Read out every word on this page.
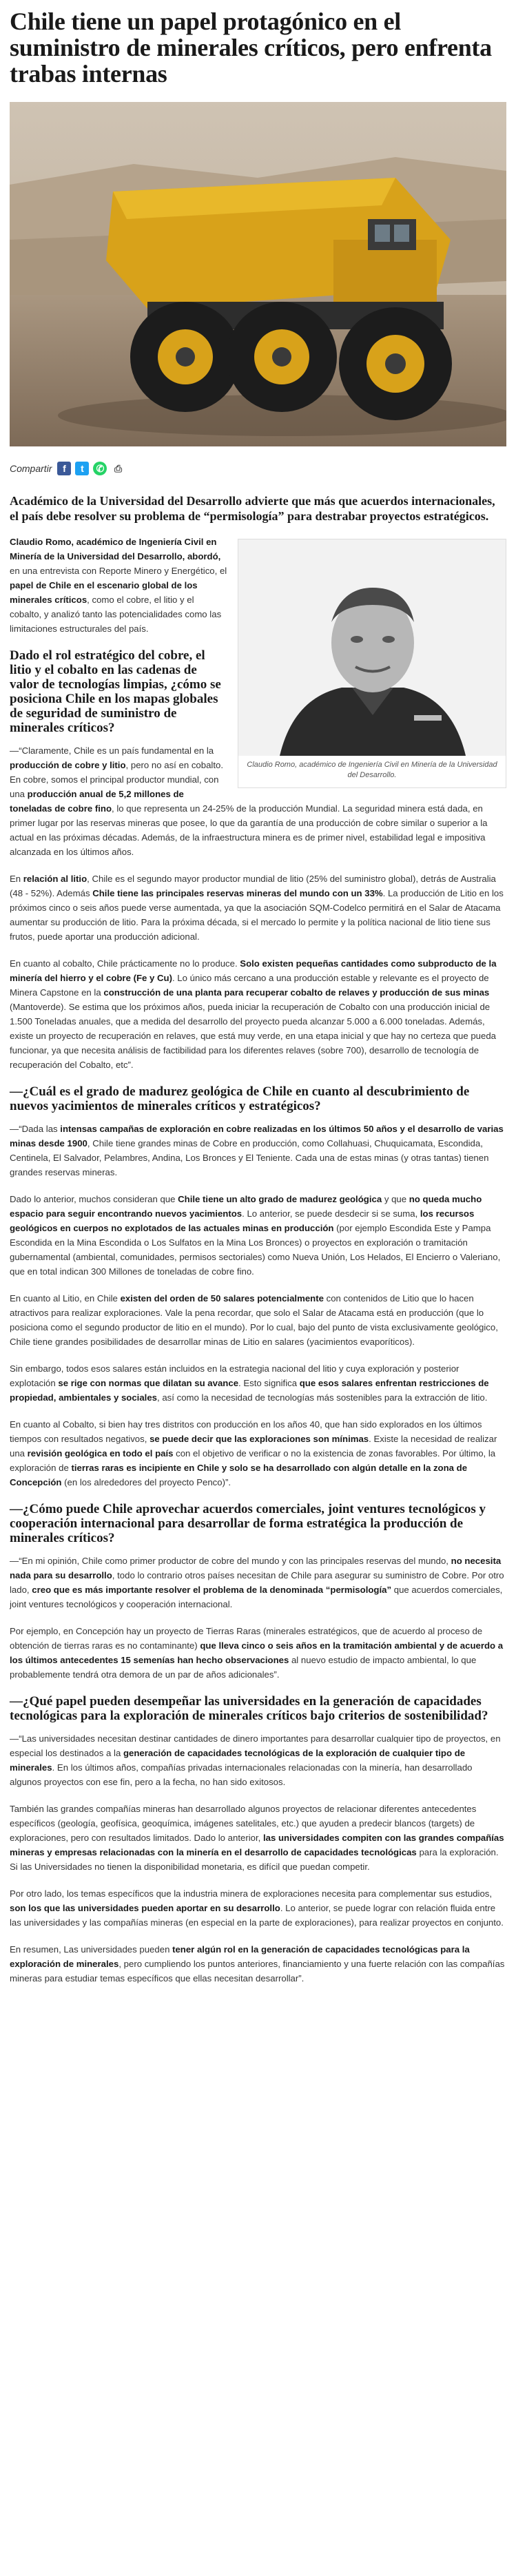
Chile tiene un papel protagónico en el suministro de minerales críticos, pero enfrenta trabas internas
Compartir	f	t	✆	⎙

Académico de la Universidad del Desarrollo advierte que más que acuerdos internacionales, el país debe resolver su problema de “permisología” para destrabar proyectos estratégicos.

Claudio Romo, académico de Ingeniería Civil en Minería de la Universidad del Desarrollo.

Claudio Romo, académico de Ingeniería Civil en Minería de la Universidad del Desarrollo, abordó, en una entrevista con Reporte Minero y Energético, el papel de Chile en el escenario global de los minerales críticos, como el cobre, el litio y el cobalto, y analizó tanto las potencialidades como las limitaciones estructurales del país.

Dado el rol estratégico del cobre, el litio y el cobalto en las cadenas de valor de tecnologías limpias, ¿cómo se posiciona Chile en los mapas globales de seguridad de suministro de minerales críticos?

—“Claramente, Chile es un país fundamental en la producción de cobre y litio, pero no así en cobalto. En cobre, somos el principal productor mundial, con una producción anual de 5,2 millones de toneladas de cobre fino, lo que representa un 24-25% de la producción Mundial. La seguridad minera está dada, en primer lugar por las reservas mineras que posee, lo que da garantía de una producción de cobre similar o superior a la actual en las próximas décadas. Además, de la infraestructura minera es de primer nivel, estabilidad legal e impositiva alcanzada en los últimos años.

En relación al litio, Chile es el segundo mayor productor mundial de litio (25% del suministro global), detrás de Australia (48 - 52%). Además Chile tiene las principales reservas mineras del mundo con un 33%. La producción de Litio en los próximos cinco o seis años puede verse aumentada, ya que la asociación SQM-Codelco permitirá en el Salar de Atacama aumentar su producción de litio. Para la próxima década, si el mercado lo permite y la política nacional de litio tiene sus frutos, puede aportar una producción adicional.

En cuanto al cobalto, Chile prácticamente no lo produce. Solo existen pequeñas cantidades como subproducto de la minería del hierro y el cobre (Fe y Cu). Lo único más cercano a una producción estable y relevante es el proyecto de Minera Capstone en la construcción de una planta para recuperar cobalto de relaves y producción de sus minas (Mantoverde). Se estima que los próximos años, pueda iniciar la recuperación de Cobalto con una producción inicial de 1.500 Toneladas anuales, que a medida del desarrollo del proyecto pueda alcanzar 5.000 a 6.000 toneladas. Además, existe un proyecto de recuperación en relaves, que está muy verde, en una etapa inicial y que hay no certeza que pueda funcionar, ya que necesita análisis de factibilidad para los diferentes relaves (sobre 700), desarrollo de tecnología de recuperación del Cobalto, etc”.

—¿Cuál es el grado de madurez geológica de Chile en cuanto al descubrimiento de nuevos yacimientos de minerales críticos y estratégicos?

—“Dada las intensas campañas de exploración en cobre realizadas en los últimos 50 años y el desarrollo de varias minas desde 1900, Chile tiene grandes minas de Cobre en producción, como Collahuasi, Chuquicamata, Escondida, Centinela, El Salvador, Pelambres, Andina, Los Bronces y El Teniente. Cada una de estas minas (y otras tantas) tienen grandes reservas mineras.

Dado lo anterior, muchos consideran que Chile tiene un alto grado de madurez geológica y que no queda mucho espacio para seguir encontrando nuevos yacimientos. Lo anterior, se puede desdecir si se suma, los recursos geológicos en cuerpos no explotados de las actuales minas en producción (por ejemplo Escondida Este y Pampa Escondida en la Mina Escondida o Los Sulfatos en la Mina Los Bronces) o proyectos en exploración o tramitación gubernamental (ambiental, comunidades, permisos sectoriales) como Nueva Unión, Los Helados, El Encierro o Valeriano, que en total indican 300 Millones de toneladas de cobre fino.

En cuanto al Litio, en Chile existen del orden de 50 salares potencialmente con contenidos de Litio que lo hacen atractivos para realizar exploraciones. Vale la pena recordar, que solo el Salar de Atacama está en producción (que lo posiciona como el segundo productor de litio en el mundo). Por lo cual, bajo del punto de vista exclusivamente geológico, Chile tiene grandes posibilidades de desarrollar minas de Litio en salares (yacimientos evaporíticos).

Sin embargo, todos esos salares están incluidos en la estrategia nacional del litio y cuya exploración y posterior explotación se rige con normas que dilatan su avance. Esto significa que esos salares enfrentan restricciones de propiedad, ambientales y sociales, así como la necesidad de tecnologías más sostenibles para la extracción de litio.

En cuanto al Cobalto, si bien hay tres distritos con producción en los años 40, que han sido explorados en los últimos tiempos con resultados negativos, se puede decir que las exploraciones son mínimas. Existe la necesidad de realizar una revisión geológica en todo el país con el objetivo de verificar o no la existencia de zonas favorables. Por último, la exploración de tierras raras es incipiente en Chile y solo se ha desarrollado con algún detalle en la zona de Concepción (en los alrededores del proyecto Penco)”.

—¿Cómo puede Chile aprovechar acuerdos comerciales, joint ventures tecnológicos y cooperación internacional para desarrollar de forma estratégica la producción de minerales críticos?

—“En mi opinión, Chile como primer productor de cobre del mundo y con las principales reservas del mundo, no necesita nada para su desarrollo, todo lo contrario otros países necesitan de Chile para asegurar su suministro de Cobre. Por otro lado, creo que es más importante resolver el problema de la denominada “permisología” que acuerdos comerciales, joint ventures tecnológicos y cooperación internacional.

Por ejemplo, en Concepción hay un proyecto de Tierras Raras (minerales estratégicos, que de acuerdo al proceso de obtención de tierras raras es no contaminante) que lleva cinco o seis años en la tramitación ambiental y de acuerdo a los últimos antecedentes 15 semenías han hecho observaciones al nuevo estudio de impacto ambiental, lo que probablemente tendrá otra demora de un par de años adicionales”.

—¿Qué papel pueden desempeñar las universidades en la generación de capacidades tecnológicas para la exploración de minerales críticos bajo criterios de sostenibilidad?

—“Las universidades necesitan destinar cantidades de dinero importantes para desarrollar cualquier tipo de proyectos, en especial los destinados a la generación de capacidades tecnológicas de la exploración de cualquier tipo de minerales. En los últimos años, compañías privadas internacionales relacionadas con la minería, han desarrollado algunos proyectos con ese fin, pero a la fecha, no han sido exitosos.

También las grandes compañías mineras han desarrollado algunos proyectos de relacionar diferentes antecedentes específicos (geología, geofísica, geoquímica, imágenes satelitales, etc.) que ayuden a predecir blancos (targets) de exploraciones, pero con resultados limitados. Dado lo anterior, las universidades compiten con las grandes compañías mineras y empresas relacionadas con la minería en el desarrollo de capacidades tecnológicas para la exploración. Si las Universidades no tienen la disponibilidad monetaria, es difícil que puedan competir.

Por otro lado, los temas específicos que la industria minera de exploraciones necesita para complementar sus estudios, son los que las universidades pueden aportar en su desarrollo. Lo anterior, se puede lograr con relación fluida entre las universidades y las compañías mineras (en especial en la parte de exploraciones), para realizar proyectos en conjunto.

En resumen, Las universidades pueden tener algún rol en la generación de capacidades tecnológicas para la exploración de minerales, pero cumpliendo los puntos anteriores, financiamiento y una fuerte relación con las compañías mineras para estudiar temas específicos que ellas necesitan desarrollar”.
